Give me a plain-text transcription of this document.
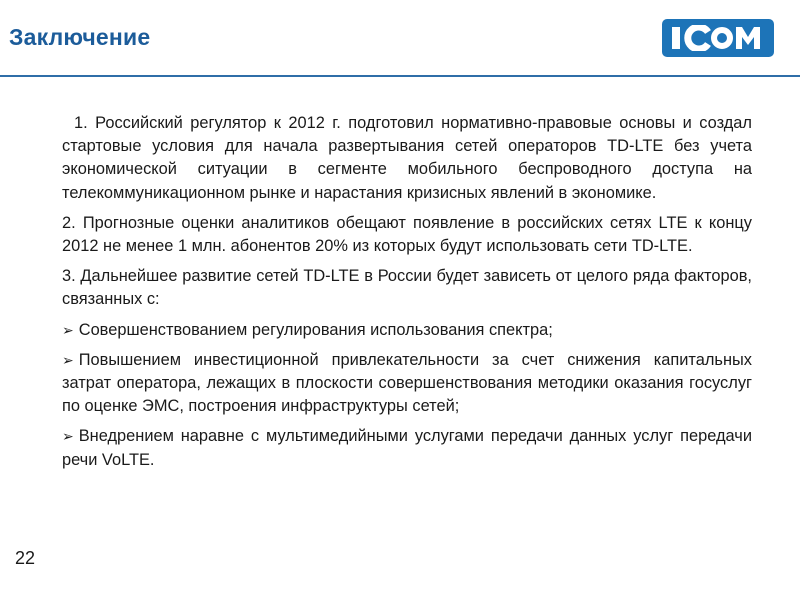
Заключение

1. Российский регулятор к 2012 г. подготовил нормативно-правовые основы и создал стартовые условия для начала развертывания сетей операторов TD-LTE без учета экономической ситуации в сегменте мобильного беспроводного доступа на телекоммуникационном рынке и нарастания кризисных явлений в экономике.

2. Прогнозные оценки аналитиков обещают появление в российских сетях LTE к концу 2012 не менее 1 млн. абонентов 20% из которых будут использовать сети TD-LTE.

3. Дальнейшее развитие сетей TD-LTE в России будет зависеть от целого ряда факторов, связанных с:

➢ Совершенствованием регулирования использования спектра;

➢ Повышением инвестиционной привлекательности за счет снижения капитальных затрат оператора, лежащих в плоскости совершенствования методики оказания госуслуг по оценке ЭМС, построения инфраструктуры сетей;

➢ Внедрением наравне с мультимедийными услугами передачи данных услуг передачи речи VoLTE.

22
